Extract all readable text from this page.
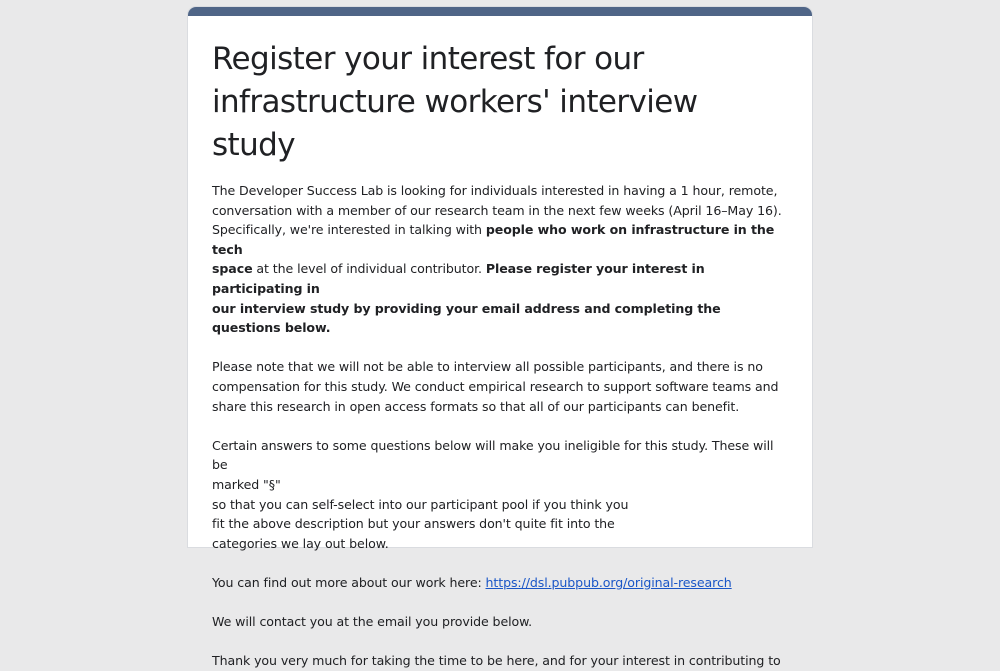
Register your interest for our
infrastructure workers' interview study

The Developer Success Lab is looking for individuals interested in having a 1 hour, remote,
conversation with a member of our research team in the next few weeks (April 16–May 16).
Specifically, we're interested in talking with people who work on infrastructure in the tech
space at the level of individual contributor. Please register your interest in participating in
our interview study by providing your email address and completing the questions below.

Please note that we will not be able to interview all possible participants, and there is no
compensation for this study. We conduct empirical research to support software teams and
share this research in open access formats so that all of our participants can benefit.

Certain answers to some questions below will make you ineligible for this study. These will be
marked "§"
so that you can self-select into our participant pool if you think you
fit the above description but your answers don't quite fit into the
categories we lay out below.

You can find out more about our work here: https://dsl.pubpub.org/original-research

We will contact you at the email you provide below.

Thank you very much for taking the time to be here, and for your interest in contributing to
